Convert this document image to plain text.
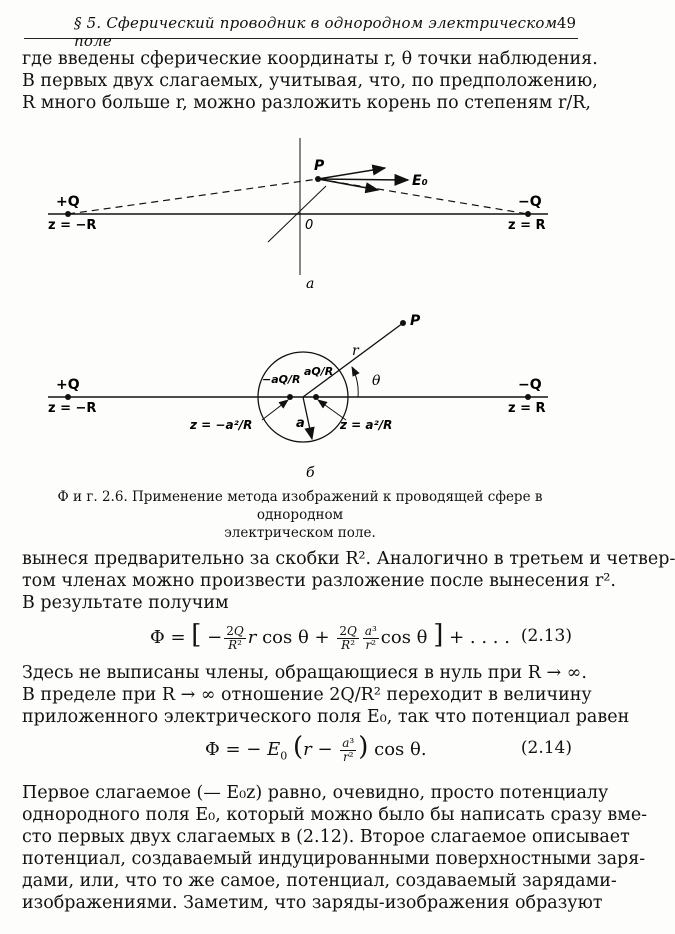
§ 5. Сферический проводник в однородном электрическом поле
49
где введены сферические координаты r, θ точки наблюдения.
В первых двух слагаемых, учитывая, что, по предположению,
R много больше r, можно разложить корень по степеням r/R,
+Q
z = −R	0
−Q
z = R
P
E₀
а
+Q
z = −R
−Q
z = R
P
r
θ
a
−aQ/R
aQ/R
z = −a²/R	z = a²/R
б
Ф и г. 2.6. Применение метода изображений к проводящей сфере в однородном
электрическом поле.
вынеся предварительно за скобки R². Аналогично в третьем и четвер-
том членах можно произвести разложение после вынесения r².
В результате получим
Φ = [ − $\frac{2Q}{\text{R²}}$ r $\cos \theta + \frac{2Q}{\text{R²}} \frac{\text{a³}}{\text{r²}}$ cos θ ] + . . . . (2.13)
Здесь не выписаны члены, обращающиеся в нуль при R → ∞.
В пределе при R → ∞ отношение 2Q/R² переходит в величину
приложенного электрического поля E₀, так что потенциал равен
Φ = − $E_0$ ($r - \frac{\text{a³}}{\text{r²}}$ ) cos θ.	(2.14)
Первое слагаемое (— E₀z) равно, очевидно, просто потенциалу
однородного поля E₀, который можно было бы написать сразу вме-
сто первых двух слагаемых в (2.12). Второе слагаемое описывает
потенциал, создаваемый индуцированными поверхностными заря-
дами, или, что то же самое, потенциал, создаваемый зарядами-
изображениями. Заметим, что заряды-изображения образуют
